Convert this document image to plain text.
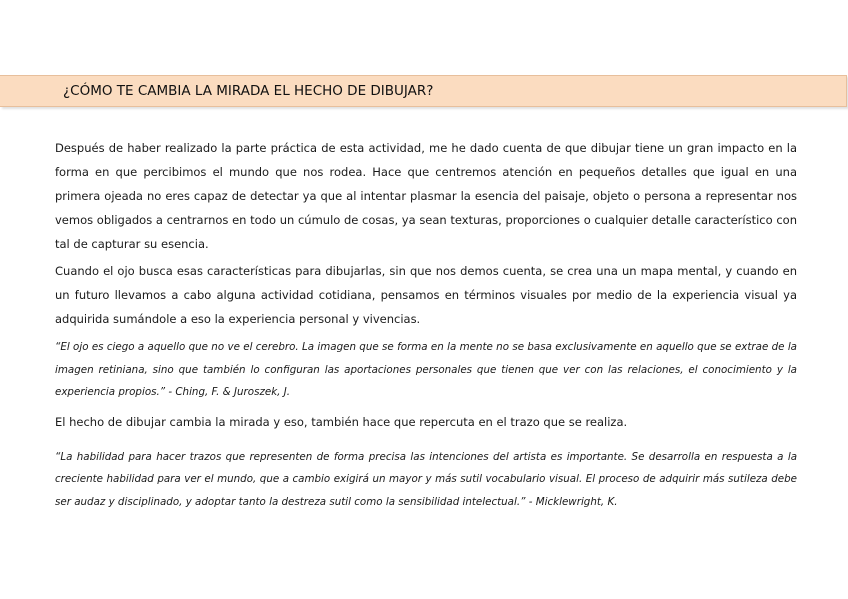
¿CÓMO TE CAMBIA LA MIRADA EL HECHO DE DIBUJAR?

Después de haber realizado la parte práctica de esta actividad, me he dado cuenta de que dibujar tiene un gran impacto en la forma en que percibimos el mundo que nos rodea. Hace que centremos atención en pequeños detalles que igual en una primera ojeada no eres capaz de detectar ya que al intentar plasmar la esencia del paisaje, objeto o persona a representar nos vemos obligados a centrarnos en todo un cúmulo de cosas, ya sean texturas, proporciones o cualquier detalle característico con tal de capturar su esencia.

Cuando el ojo busca esas características para dibujarlas, sin que nos demos cuenta, se crea una un mapa mental, y cuando en un futuro llevamos a cabo alguna actividad cotidiana, pensamos en términos visuales por medio de la experiencia visual ya adquirida sumándole a eso la experiencia personal y vivencias.

“El ojo es ciego a aquello que no ve el cerebro. La imagen que se forma en la mente no se basa exclusivamente en aquello que se extrae de la imagen retiniana, sino que también lo configuran las aportaciones personales que tienen que ver con las relaciones, el conocimiento y la experiencia propios.” - Ching, F. & Juroszek, J.

El hecho de dibujar cambia la mirada y eso, también hace que repercuta en el trazo que se realiza.

“La habilidad para hacer trazos que representen de forma precisa las intenciones del artista es importante. Se desarrolla en respuesta a la creciente habilidad para ver el mundo, que a cambio exigirá un mayor y más sutil vocabulario visual. El proceso de adquirir más sutileza debe ser audaz y disciplinado, y adoptar tanto la destreza sutil como la sensibilidad intelectual.” - Micklewright, K.
